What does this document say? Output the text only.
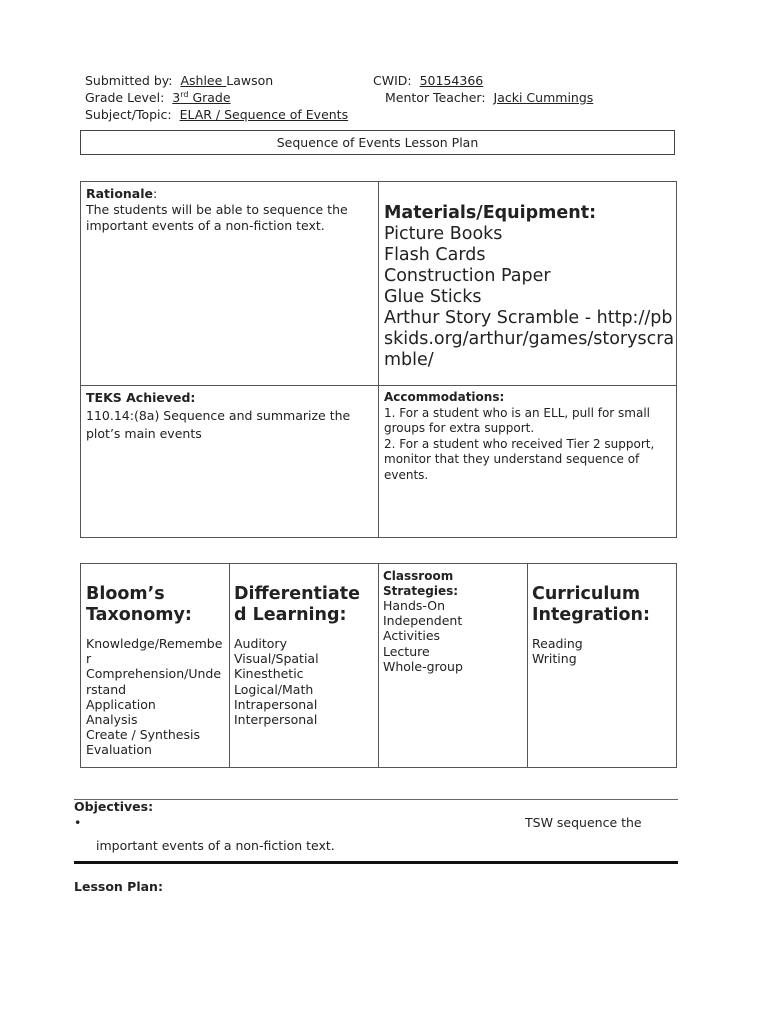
Submitted by: Ashlee Lawson	CWID: 50154366
Grade Level: 3rd Grade	Mentor Teacher: Jacki Cummings
Subject/Topic: ELAR / Sequence of Events
Sequence of Events Lesson Plan
Rationale:
The students will be able to sequence the important events of a non-fiction text.
Materials/Equipment:
Picture Books
Flash Cards
Construction Paper
Glue Sticks
Arthur Story Scramble - http://pbskids.org/arthur/games/storyscramble/
TEKS Achieved:
110.14:(8a) Sequence and summarize the plot’s main events
Accommodations:
1. For a student who is an ELL, pull for small groups for extra support.
2. For a student who received Tier 2 support, monitor that they understand sequence of events.
Bloom’s Taxonomy:
Knowledge/Remembe
r
Comprehension/Unde
rstand
Application
Analysis
Create / Synthesis
Evaluation
Differentiate d Learning:
Auditory
Visual/Spatial
Kinesthetic
Logical/Math
Intrapersonal
Interpersonal
Classroom Strategies:
Hands-On
Independent
Activities
Lecture
Whole-group
Curriculum Integration:
Reading
Writing
Objectives:
•	TSW sequence the
important events of a non-fiction text.
Lesson Plan:
